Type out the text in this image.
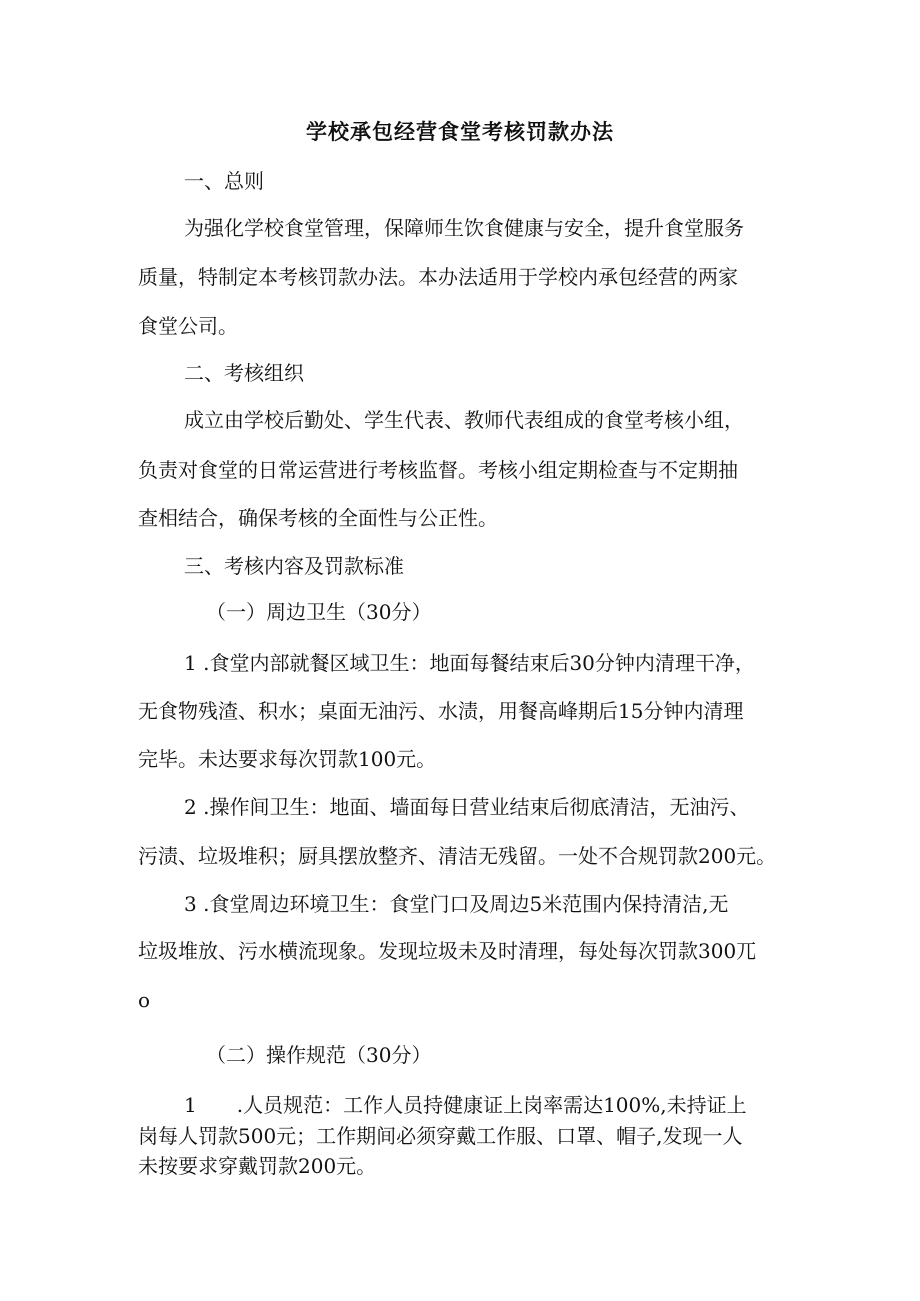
学校承包经营食堂考核罚款办法
一、总则
为强化学校食堂管理，保障师生饮食健康与安全，提升食堂服务
质量，特制定本考核罚款办法。本办法适用于学校内承包经营的两家
食堂公司。
二、考核组织
成立由学校后勤处、学生代表、教师代表组成的食堂考核小组，
负责对食堂的日常运营进行考核监督。考核小组定期检查与不定期抽
查相结合，确保考核的全面性与公正性。
三、考核内容及罚款标准
（一）周边卫生（30分）
1 .食堂内部就餐区域卫生：地面每餐结束后30分钟内清理干净，
无食物残渣、积水；桌面无油污、水渍，用餐高峰期后15分钟内清理
完毕。未达要求每次罚款100元。
2 .操作间卫生：地面、墙面每日营业结束后彻底清洁，无油污、
污渍、垃圾堆积；厨具摆放整齐、清洁无残留。一处不合规罚款200元。
3 .食堂周边环境卫生：食堂门口及周边5米范围内保持清洁,无
垃圾堆放、污水横流现象。发现垃圾未及时清理，每处每次罚款300兀
o
（二）操作规范（30分）
1　　.人员规范：工作人员持健康证上岗率需达100%,未持证上
岗每人罚款500元；工作期间必须穿戴工作服、口罩、帽子,发现一人
未按要求穿戴罚款200元。
